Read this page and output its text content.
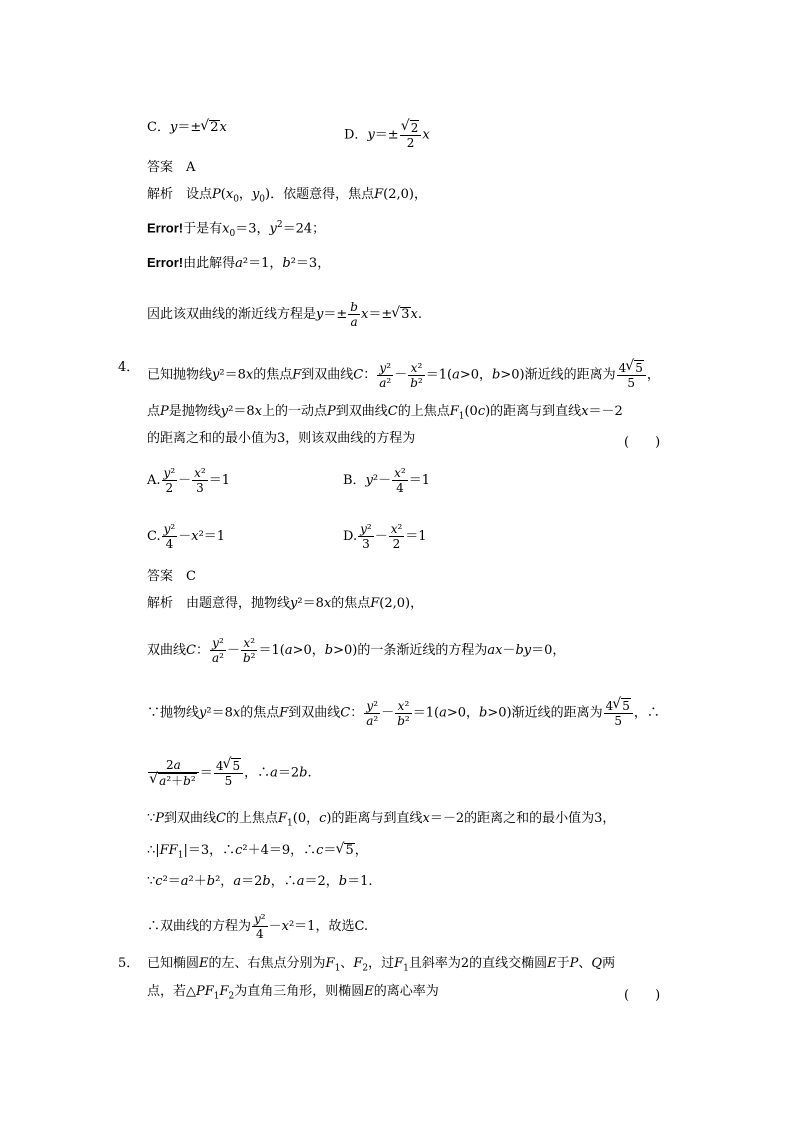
C．y＝±√ 2x	D．y＝±
√ $\frac{2}{2}$ x
答案　A
解析　设点$P(x_0$，$y_0$)．依题意得，焦点F(2,0)，
Error!于是有$x_0=3$，$y^2=24$；
Error!由此解得a²＝1，b²＝3，
因此该双曲线的渐近线方程是$y=\pm \frac{b}{a} x=\pm√$ 3x.
4． 已知抛物线y²＝8x的焦点F到双曲线C： $\frac{\text{y²}}{\text{a²}} - \frac{\text{x²}}{\text{b²}} =1(a>0$，b>0)渐近线的距离为 $\frac{4√ 5}{5}$ ，
点P是抛物线y²＝8x上的一动点P到双曲线C的上焦点$F_1(0c)$的距离与到直线x＝－2
的距离之和的最小值为3，则该双曲线的方程为	(　　)
A. $\frac{\text{y²}}{2} - \frac{\text{x²}}{3} =1$	B．$y^2- \frac{\text{x²}}{4} =1$
C. $\frac{\text{y²}}{4} -x^2=1$	D. $\frac{\text{y²}}{3} - \frac{\text{x²}}{2} =1$
答案　C
解析　由题意得，抛物线y²＝8x的焦点F(2,0)，
双曲线C： $\frac{\text{y²}}{\text{a²}} - \frac{\text{x²}}{\text{b²}} =1(a>0$，b>0)的一条渐近线的方程为ax－by＝0，
∵抛物线y²＝8x的焦点F到双曲线C： $\frac{\text{y²}}{\text{a²}} - \frac{\text{x²}}{\text{b²}} =1(a>0$，b>0)渐近线的距离为 $\frac{4√ 5}{5}$ ，∴
2a
√ $a^2+b^2 = \frac{4√ 5}{5}$ ，∴a＝2b.
∵P到双曲线C的上焦点$F_1(0$，c)的距离与到直线x＝－2的距离之和的最小值为3，
$\therefore|FF_1|=3$，∴c²＋4＝9，∴c＝√ 5，
∵c²＝a²＋b²，a＝2b，∴a＝2，b＝1.
∴双曲线的方程为 $\frac{\text{y²}}{4} -x^2=1$，故选C.
5． 已知椭圆E的左、右焦点分别为$F_1$、$F_2$，过$F_1$且斜率为2的直线交椭圆E于P、Q两
点，若$\triangle PF_1F_2$为直角三角形，则椭圆E的离心率为	(　　)
